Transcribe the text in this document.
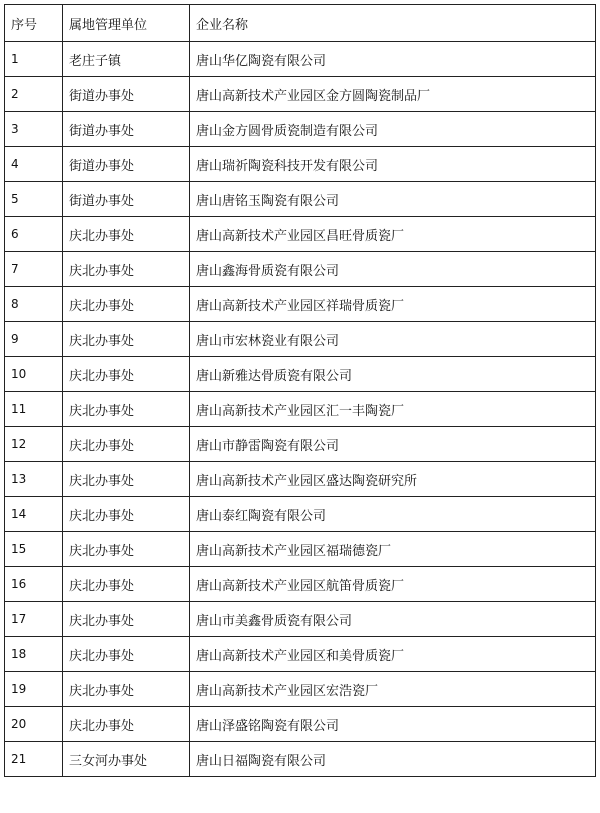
序号	属地管理单位	企业名称
1	老庄子镇	唐山华亿陶瓷有限公司
2	街道办事处	唐山高新技术产业园区金方圆陶瓷制品厂
3	街道办事处	唐山金方圆骨质瓷制造有限公司
4	街道办事处	唐山瑞祈陶瓷科技开发有限公司
5	街道办事处	唐山唐铭玉陶瓷有限公司
6	庆北办事处	唐山高新技术产业园区昌旺骨质瓷厂
7	庆北办事处	唐山鑫海骨质瓷有限公司
8	庆北办事处	唐山高新技术产业园区祥瑞骨质瓷厂
9	庆北办事处	唐山市宏林瓷业有限公司
10	庆北办事处	唐山新雅达骨质瓷有限公司
11	庆北办事处	唐山高新技术产业园区汇一丰陶瓷厂
12	庆北办事处	唐山市静雷陶瓷有限公司
13	庆北办事处	唐山高新技术产业园区盛达陶瓷研究所
14	庆北办事处	唐山泰红陶瓷有限公司
15	庆北办事处	唐山高新技术产业园区福瑞德瓷厂
16	庆北办事处	唐山高新技术产业园区航笛骨质瓷厂
17	庆北办事处	唐山市美鑫骨质瓷有限公司
18	庆北办事处	唐山高新技术产业园区和美骨质瓷厂
19	庆北办事处	唐山高新技术产业园区宏浩瓷厂
20	庆北办事处	唐山泽盛铭陶瓷有限公司
21	三女河办事处	唐山日福陶瓷有限公司
